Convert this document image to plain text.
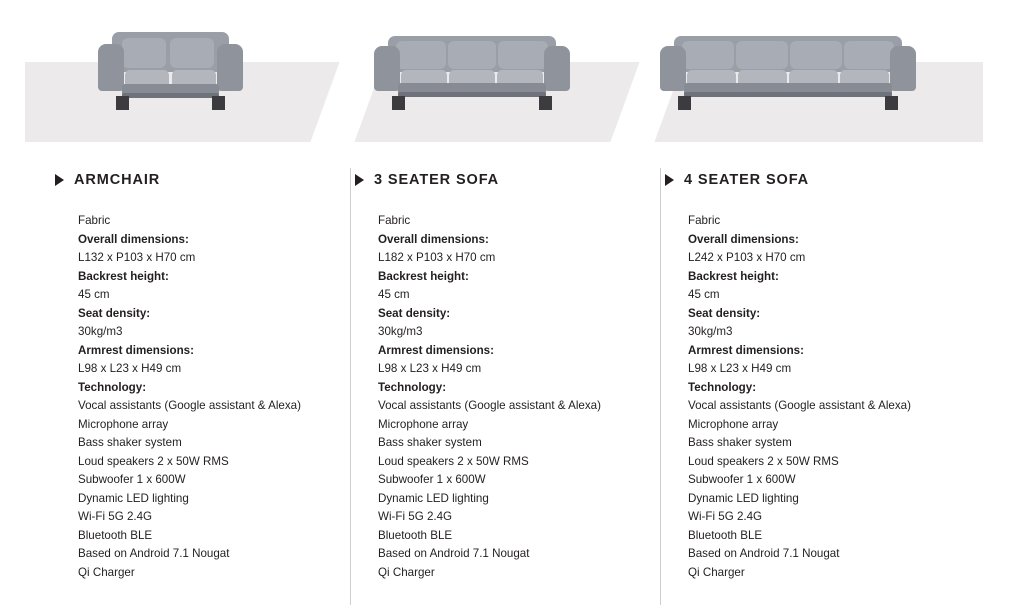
ARMCHAIR
Fabric
Overall dimensions:
L132 x P103 x H70 cm
Backrest height:
45 cm
Seat density:
30kg/m3
Armrest dimensions:
L98 x L23 x H49 cm
Technology:
Vocal assistants (Google assistant & Alexa)
Microphone array
Bass shaker system
Loud speakers 2 x 50W RMS
Subwoofer 1 x 600W
Dynamic LED lighting
Wi-Fi 5G 2.4G
Bluetooth BLE
Based on Android 7.1 Nougat
Qi Charger
3 SEATER SOFA
Fabric
Overall dimensions:
L182 x P103 x H70 cm
Backrest height:
45 cm
Seat density:
30kg/m3
Armrest dimensions:
L98 x L23 x H49 cm
Technology:
Vocal assistants (Google assistant & Alexa)
Microphone array
Bass shaker system
Loud speakers 2 x 50W RMS
Subwoofer 1 x 600W
Dynamic LED lighting
Wi-Fi 5G 2.4G
Bluetooth BLE
Based on Android 7.1 Nougat
Qi Charger
4 SEATER SOFA
Fabric
Overall dimensions:
L242 x P103 x H70 cm
Backrest height:
45 cm
Seat density:
30kg/m3
Armrest dimensions:
L98 x L23 x H49 cm
Technology:
Vocal assistants (Google assistant & Alexa)
Microphone array
Bass shaker system
Loud speakers 2 x 50W RMS
Subwoofer 1 x 600W
Dynamic LED lighting
Wi-Fi 5G 2.4G
Bluetooth BLE
Based on Android 7.1 Nougat
Qi Charger
